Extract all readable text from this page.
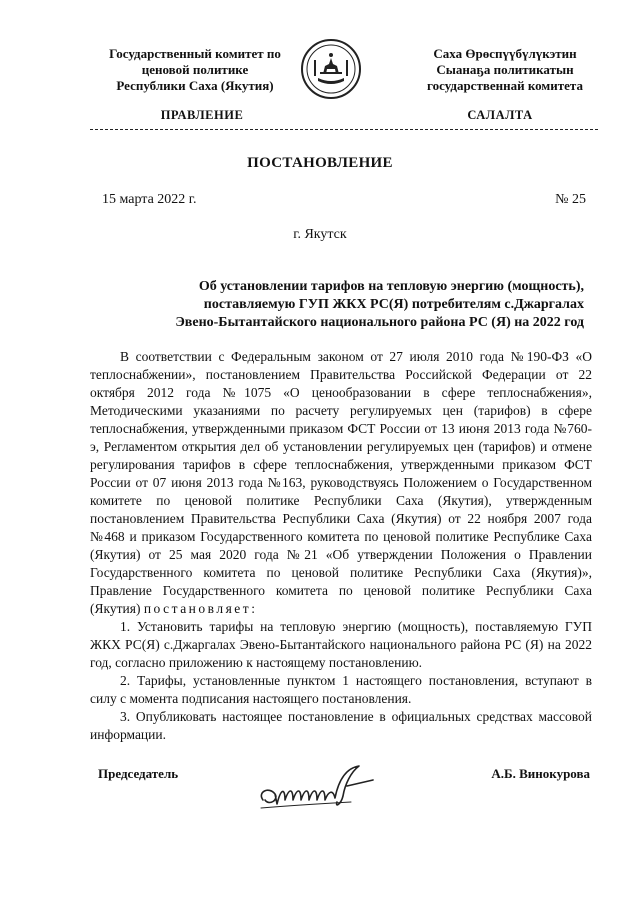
Государственный комитет по
ценовой политике
Республики Саха (Якутия)
Саха Өрөспүүбүлүкэтин
Сыанаҕа политикатын
государственнай комитета
ПРАВЛЕНИЕ	САЛАЛТА
ПОСТАНОВЛЕНИЕ
15 марта 2022 г.	№ 25
г. Якутск
Об установлении тарифов на тепловую энергию (мощность),
поставляемую ГУП ЖКХ РС(Я) потребителям с.Джаргалах
Эвено-Бытантайского национального района РС (Я) на 2022 год

В соответствии с Федеральным законом от 27 июля 2010 года №190-ФЗ «О теплоснабжении», постановлением Правительства Российской Федерации от 22 октября 2012 года №1075 «О ценообразовании в сфере теплоснабжения», Методическими указаниями по расчету регулируемых цен (тарифов) в сфере теплоснабжения, утвержденными приказом ФСТ России от 13 июня 2013 года №760-э, Регламентом открытия дел об установлении регулируемых цен (тарифов) и отмене регулирования тарифов в сфере теплоснабжения, утвержденными приказом ФСТ России от 07 июня 2013 года №163, руководствуясь Положением о Государственном комитете по ценовой политике Республики Саха (Якутия), утвержденным постановлением Правительства Республики Саха (Якутия) от 22 ноября 2007 года №468 и приказом Государственного комитета по ценовой политике Республике Саха (Якутия) от 25 мая 2020 года №21 «Об утверждении Положения о Правлении Государственного комитета по ценовой политике Республики Саха (Якутия)», Правление Государственного комитета по ценовой политике Республики Саха (Якутия) постановляет:

1. Установить тарифы на тепловую энергию (мощность), поставляемую ГУП ЖКХ РС(Я) с.Джаргалах Эвено-Бытантайского национального района РС (Я) на 2022 год, согласно приложению к настоящему постановлению.

2. Тарифы, установленные пунктом 1 настоящего постановления, вступают в силу с момента подписания настоящего постановления.

3. Опубликовать настоящее постановление в официальных средствах массовой информации.

Председатель	А.Б. Винокурова
